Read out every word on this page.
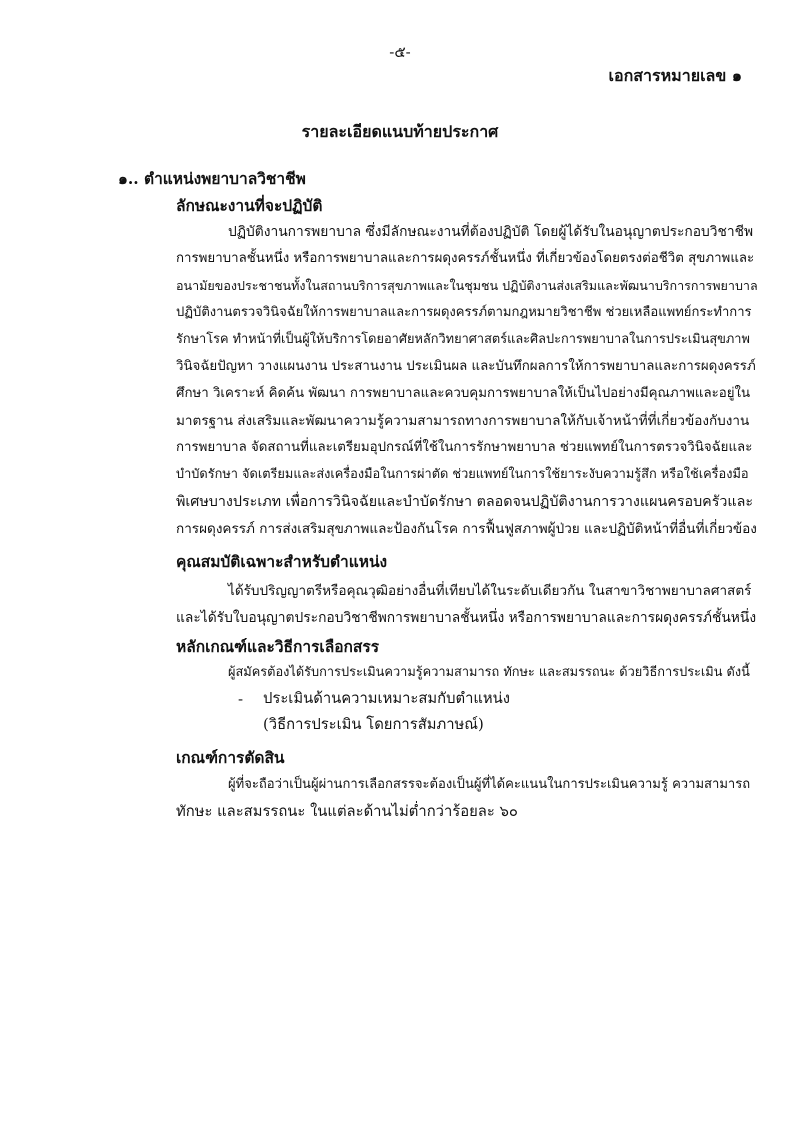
-๕-
เอกสารหมายเลข ๑
รายละเอียดแนบท้ายประกาศ
๑.. ตำแหน่งพยาบาลวิชาชีพ
ลักษณะงานที่จะปฏิบัติ
ปฏิบัติงานการพยาบาล ซึ่งมีลักษณะงานที่ต้องปฏิบัติ โดยผู้ได้รับในอนุญาตประกอบวิชาชีพ
การพยาบาลชั้นหนึ่ง หรือการพยาบาลและการผดุงครรภ์ชั้นหนึ่ง ที่เกี่ยวข้องโดยตรงต่อชีวิต สุขภาพและ
อนามัยของประชาชนทั้งในสถานบริการสุขภาพและในชุมชน ปฏิบัติงานส่งเสริมและพัฒนาบริการการพยาบาล
ปฏิบัติงานตรวจวินิจฉัยให้การพยาบาลและการผดุงครรภ์ตามกฎหมายวิชาชีพ ช่วยเหลือแพทย์กระทำการ
รักษาโรค ทำหน้าที่เป็นผู้ให้บริการโดยอาศัยหลักวิทยาศาสตร์และศิลปะการพยาบาลในการประเมินสุขภาพ
วินิจฉัยปัญหา วางแผนงาน ประสานงาน ประเมินผล และบันทึกผลการให้การพยาบาลและการผดุงครรภ์
ศึกษา วิเคราะห์ คิดค้น พัฒนา การพยาบาลและควบคุมการพยาบาลให้เป็นไปอย่างมีคุณภาพและอยู่ใน
มาตรฐาน ส่งเสริมและพัฒนาความรู้ความสามารถทางการพยาบาลให้กับเจ้าหน้าที่ที่เกี่ยวข้องกับงาน
การพยาบาล จัดสถานที่และเตรียมอุปกรณ์ที่ใช้ในการรักษาพยาบาล ช่วยแพทย์ในการตรวจวินิจฉัยและ
บำบัดรักษา จัดเตรียมและส่งเครื่องมือในการผ่าตัด ช่วยแพทย์ในการใช้ยาระงับความรู้สึก หรือใช้เครื่องมือ
พิเศษบางประเภท เพื่อการวินิจฉัยและบำบัดรักษา ตลอดจนปฏิบัติงานการวางแผนครอบครัวและ
การผดุงครรภ์ การส่งเสริมสุขภาพและป้องกันโรค การฟื้นฟูสภาพผู้ป่วย และปฏิบัติหน้าที่อื่นที่เกี่ยวข้อง
คุณสมบัติเฉพาะสำหรับตำแหน่ง
ได้รับปริญญาตรีหรือคุณวุฒิอย่างอื่นที่เทียบได้ในระดับเดียวกัน ในสาขาวิชาพยาบาลศาสตร์
และได้รับใบอนุญาตประกอบวิชาชีพการพยาบาลชั้นหนึ่ง หรือการพยาบาลและการผดุงครรภ์ชั้นหนึ่ง
หลักเกณฑ์และวิธีการเลือกสรร
ผู้สมัครต้องได้รับการประเมินความรู้ความสามารถ ทักษะ และสมรรถนะ ด้วยวิธีการประเมิน ดังนี้
- ประเมินด้านความเหมาะสมกับตำแหน่ง
(วิธีการประเมิน โดยการสัมภาษณ์)
เกณฑ์การตัดสิน
ผู้ที่จะถือว่าเป็นผู้ผ่านการเลือกสรรจะต้องเป็นผู้ที่ได้คะแนนในการประเมินความรู้ ความสามารถ
ทักษะ และสมรรถนะ ในแต่ละด้านไม่ต่ำกว่าร้อยละ ๖๐
